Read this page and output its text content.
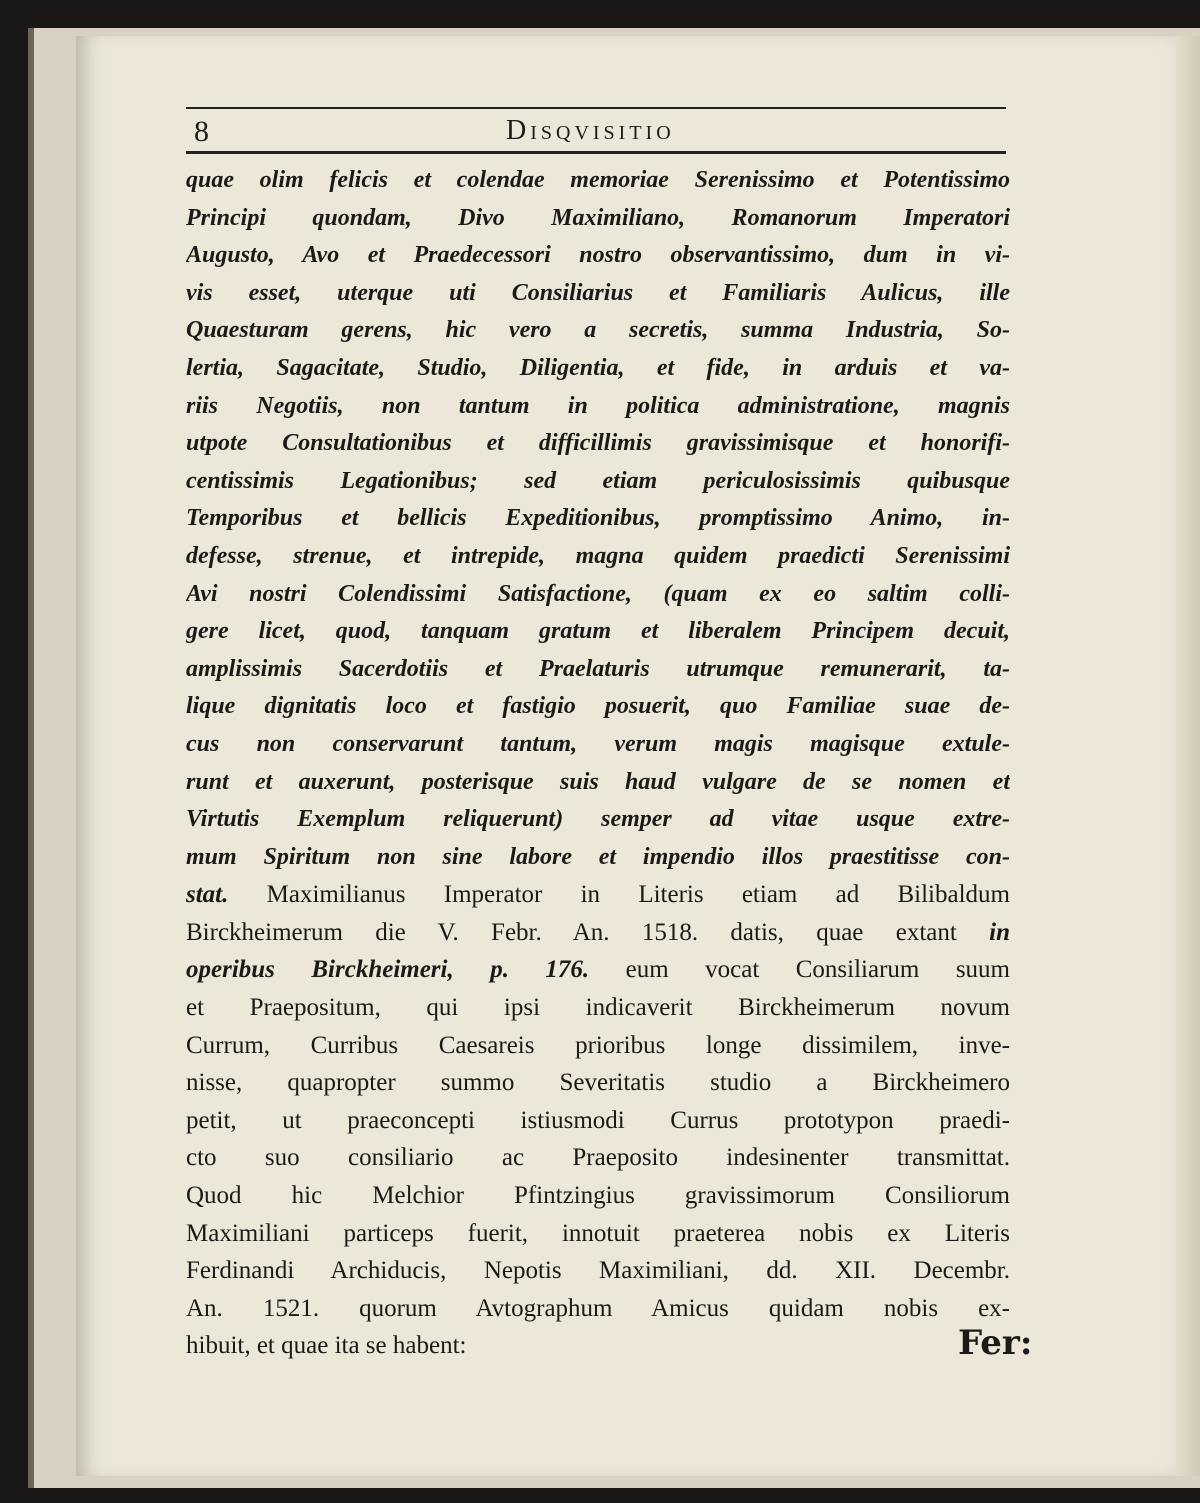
8	Disqvisitio
quae olim felicis et colendae memoriae Serenissimo et Potentissimo
Principi quondam, Divo Maximiliano, Romanorum Imperatori
Augusto, Avo et Praedecessori nostro observantissimo, dum in vi-
vis esset, uterque uti Consiliarius et Familiaris Aulicus, ille
Quaesturam gerens, hic vero a secretis, summa Industria, So-
lertia, Sagacitate, Studio, Diligentia, et fide, in arduis et va-
riis Negotiis, non tantum in politica administratione, magnis
utpote Consultationibus et difficillimis gravissimisque et honorifi-
centissimis Legationibus; sed etiam periculosissimis quibusque
Temporibus et bellicis Expeditionibus, promptissimo Animo, in-
defesse, strenue, et intrepide, magna quidem praedicti Serenissimi
Avi nostri Colendissimi Satisfactione, (quam ex eo saltim colli-
gere licet, quod, tanquam gratum et liberalem Principem decuit,
amplissimis Sacerdotiis et Praelaturis utrumque remunerarit, ta-
lique dignitatis loco et fastigio posuerit, quo Familiae suae de-
cus non conservarunt tantum, verum magis magisque extule-
runt et auxerunt, posterisque suis haud vulgare de se nomen et
Virtutis Exemplum reliquerunt) semper ad vitae usque extre-
mum Spiritum non sine labore et impendio illos praestitisse con-
stat. Maximilianus Imperator in Literis etiam ad Bilibaldum
Birckheimerum die V. Febr. An. 1518. datis, quae extant in
operibus Birckheimeri, p. 176. eum vocat Consiliarum suum
et Praepositum, qui ipsi indicaverit Birckheimerum novum
Currum, Curribus Caesareis prioribus longe dissimilem, inve-
nisse, quapropter summo Severitatis studio a Birckheimero
petit, ut praeconcepti istiusmodi Currus prototypon praedi-
cto suo consiliario ac Praeposito indesinenter transmittat.
Quod hic Melchior Pfintzingius gravissimorum Consiliorum
Maximiliani particeps fuerit, innotuit praeterea nobis ex Literis
Ferdinandi Archiducis, Nepotis Maximiliani, dd. XII. Decembr.
An. 1521. quorum Avtographum Amicus quidam nobis ex-
hibuit, et quae ita se habent:	Fer:
